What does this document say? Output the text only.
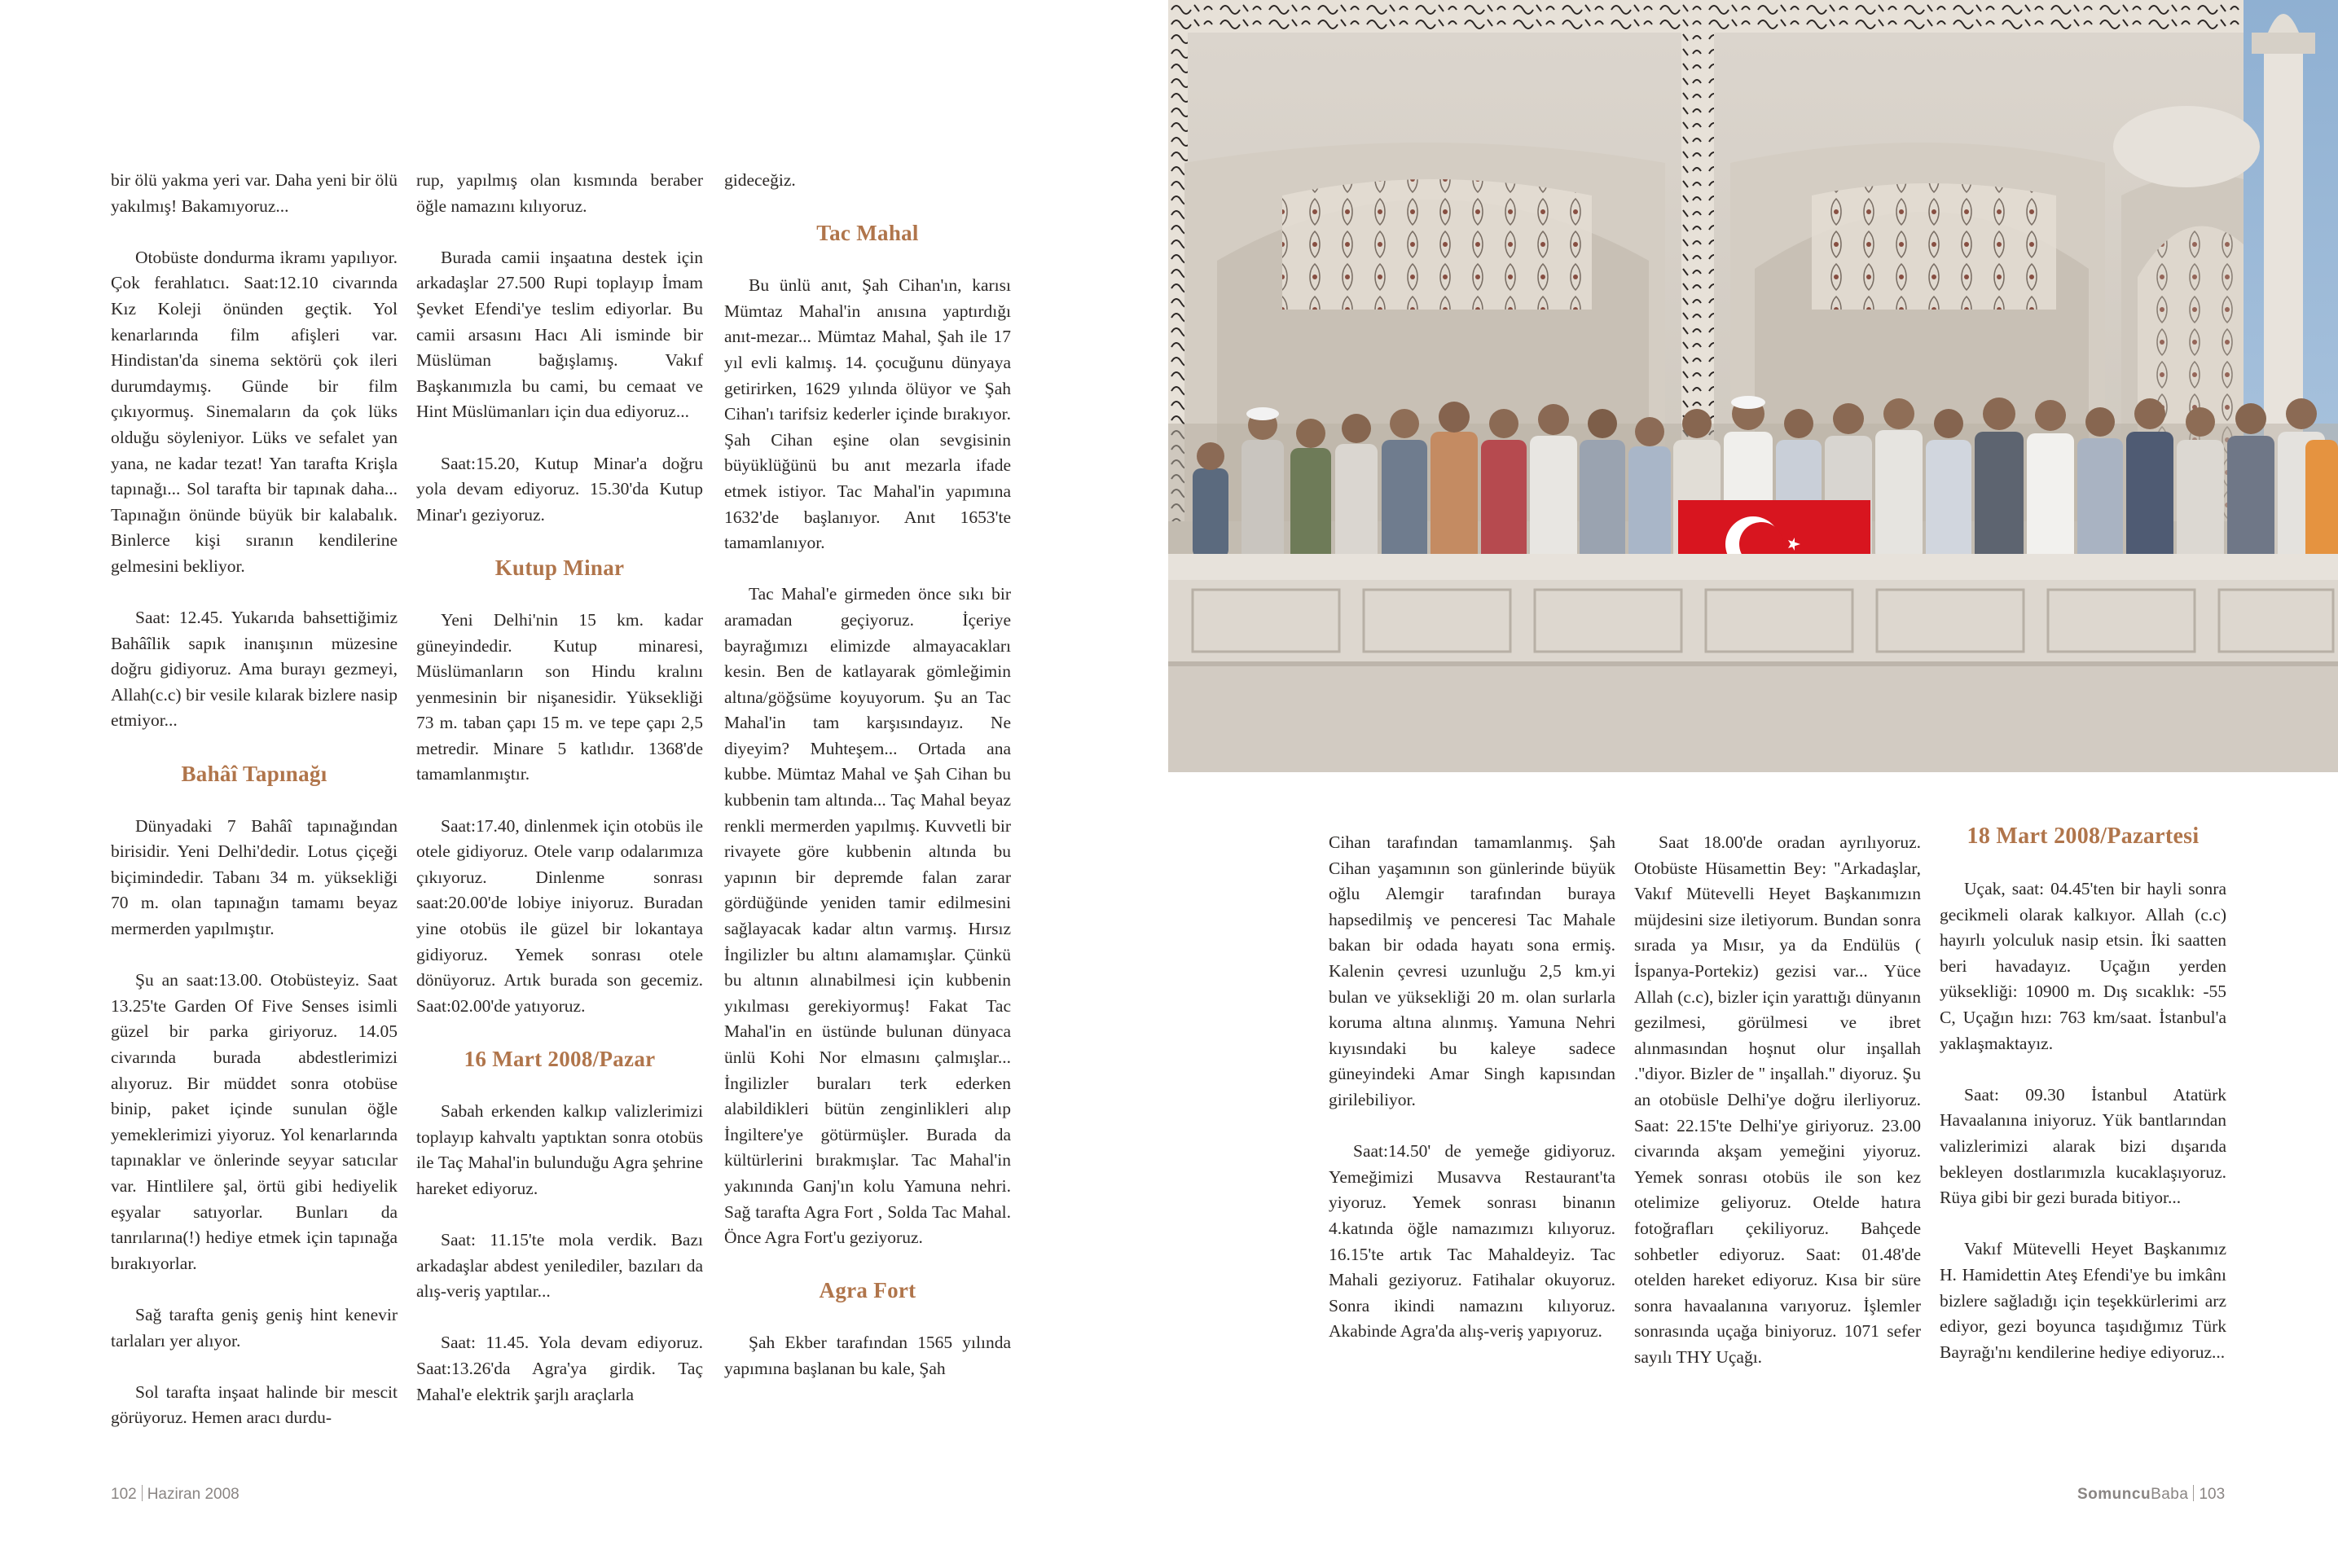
bir ölü yakma yeri var. Daha yeni bir ölü yakılmış! Bakamıyoruz...

Otobüste dondurma ikramı yapılıyor. Çok ferahlatıcı. Saat:12.10 civarında Kız Koleji önünden geçtik. Yol kenarlarında film afişleri var. Hindistan'da sinema sektörü çok ileri durumdaymış. Günde bir film çıkıyormuş. Sinemaların da çok lüks olduğu söyleniyor. Lüks ve sefalet yan yana, ne kadar tezat! Yan tarafta Krişla tapınağı... Sol tarafta bir tapınak daha... Tapınağın önünde büyük bir kalabalık. Binlerce kişi sıranın kendilerine gelmesini bekliyor.

Saat: 12.45. Yukarıda bahsettiğimiz Bahâîlik sapık inanışının müzesine doğru gidiyoruz. Ama burayı gezmeyi, Allah(c.c) bir vesile kılarak bizlere nasip etmiyor...

Bahâî Tapınağı

Dünyadaki 7 Bahâî tapınağından birisidir. Yeni Delhi'dedir. Lotus çiçeği biçimindedir. Tabanı 34 m. yüksekliği 70 m. olan tapınağın tamamı beyaz mermerden yapılmıştır.

Şu an saat:13.00. Otobüsteyiz. Saat 13.25'te Garden Of Five Senses isimli güzel bir parka giriyoruz. 14.05 civarında burada abdestlerimizi alıyoruz. Bir müddet sonra otobüse binip, paket içinde sunulan öğle yemeklerimizi yiyoruz. Yol kenarlarında tapınaklar ve önlerinde seyyar satıcılar var. Hintlilere şal, örtü gibi hediyelik eşyalar satıyorlar. Bunları da tanrılarına(!) hediye etmek için tapınağa bırakıyorlar.

Sağ tarafta geniş geniş hint kenevir tarlaları yer alıyor.

Sol tarafta inşaat halinde bir mescit görüyoruz. Hemen aracı durdu-

rup, yapılmış olan kısmında beraber öğle namazını kılıyoruz.

Burada camii inşaatına destek için arkadaşlar 27.500 Rupi toplayıp İmam Şevket Efendi'ye teslim ediyorlar. Bu camii arsasını Hacı Ali isminde bir Müslüman bağışlamış. Vakıf Başkanımızla bu cami, bu cemaat ve Hint Müslümanları için dua ediyoruz...

Saat:15.20, Kutup Minar'a doğru yola devam ediyoruz. 15.30'da Kutup Minar'ı geziyoruz.

Kutup Minar

Yeni Delhi'nin 15 km. kadar güneyindedir. Kutup minaresi, Müslümanların son Hindu kralını yenmesinin bir nişanesidir. Yüksekliği 73 m. taban çapı 15 m. ve tepe çapı 2,5 metredir. Minare 5 katlıdır. 1368'de tamamlanmıştır.

Saat:17.40, dinlenmek için otobüs ile otele gidiyoruz. Otele varıp odalarımıza çıkıyoruz. Dinlenme sonrası saat:20.00'de lobiye iniyoruz. Buradan yine otobüs ile güzel bir lokantaya gidiyoruz. Yemek sonrası otele dönüyoruz. Artık burada son gecemiz. Saat:02.00'de yatıyoruz.

16 Mart 2008/Pazar

Sabah erkenden kalkıp valizlerimizi toplayıp kahvaltı yaptıktan sonra otobüs ile Taç Mahal'in bulunduğu Agra şehrine hareket ediyoruz.

Saat: 11.15'te mola verdik. Bazı arkadaşlar abdest yenilediler, bazıları da alış-veriş yaptılar...

Saat: 11.45. Yola devam ediyoruz. Saat:13.26'da Agra'ya girdik. Taç Mahal'e elektrik şarjlı araçlarla

gideceğiz.

Tac Mahal

Bu ünlü anıt, Şah Cihan'ın, karısı Mümtaz Mahal'in anısına yaptırdığı anıt-mezar... Mümtaz Mahal, Şah ile 17 yıl evli kalmış. 14. çocuğunu dünyaya getirirken, 1629 yılında ölüyor ve Şah Cihan'ı tarifsiz kederler içinde bırakıyor. Şah Cihan eşine olan sevgisinin büyüklüğünü bu anıt mezarla ifade etmek istiyor. Tac Mahal'in yapımına 1632'de başlanıyor. Anıt 1653'te tamamlanıyor.

Tac Mahal'e girmeden önce sıkı bir aramadan geçiyoruz. İçeriye bayrağımızı elimizde almayacakları kesin. Ben de katlayarak gömleğimin altına/göğsüme koyuyorum. Şu an Tac Mahal'in tam karşısındayız. Ne diyeyim? Muhteşem... Ortada ana kubbe. Mümtaz Mahal ve Şah Cihan bu kubbenin tam altında... Taç Mahal beyaz renkli mermerden yapılmış. Kuvvetli bir rivayete göre kubbenin altında bu yapının bir depremde falan zarar gördüğünde yeniden tamir edilmesini sağlayacak kadar altın varmış. Hırsız İngilizler bu altını alamamışlar. Çünkü bu altının alınabilmesi için kubbenin yıkılması gerekiyormuş! Fakat Tac Mahal'in en üstünde bulunan dünyaca ünlü Kohi Nor elmasını çalmışlar... İngilizler buraları terk ederken alabildikleri bütün zenginlikleri alıp İngiltere'ye götürmüşler. Burada da kültürlerini bırakmışlar. Tac Mahal'in yakınında Ganj'ın kolu Yamuna nehri. Sağ tarafta Agra Fort , Solda Tac Mahal. Önce Agra Fort'u geziyoruz.

Agra Fort

Şah Ekber tarafından 1565 yılında yapımına başlanan bu kale, Şah

102 Haziran 2008

Cihan tarafından tamamlanmış. Şah Cihan yaşamının son günlerinde büyük oğlu Alemgir tarafından buraya hapsedilmiş ve penceresi Tac Mahale bakan bir odada hayatı sona ermiş. Kalenin çevresi uzunluğu 2,5 km.yi bulan ve yüksekliği 20 m. olan surlarla koruma altına alınmış. Yamuna Nehri kıyısındaki bu kaleye sadece güneyindeki Amar Singh kapısından girilebiliyor.

Saat:14.50' de yemeğe gidiyoruz. Yemeğimizi Musavva Restaurant'ta yiyoruz. Yemek sonrası binanın 4.katında öğle namazımızı kılıyoruz. 16.15'te artık Tac Mahaldeyiz. Tac Mahali geziyoruz. Fatihalar okuyoruz. Sonra ikindi namazını kılıyoruz. Akabinde Agra'da alış-veriş yapıyoruz.

Saat 18.00'de oradan ayrılıyoruz. Otobüste Hüsamettin Bey: ''Arkadaşlar, Vakıf Mütevelli Heyet Başkanımızın müjdesini size iletiyorum. Bundan sonra sırada ya Mısır, ya da Endülüs ( İspanya-Portekiz) gezisi var... Yüce Allah (c.c), bizler için yarattığı dünyanın gezilmesi, görülmesi ve ibret alınmasından hoşnut olur inşallah .''diyor. Bizler de '' inşallah.'' diyoruz. Şu an otobüsle Delhi'ye doğru ilerliyoruz. Saat: 22.15'te Delhi'ye giriyoruz. 23.00 civarında akşam yemeğini yiyoruz. Yemek sonrası otobüs ile son kez otelimize geliyoruz. Otelde hatıra fotoğrafları çekiliyoruz. Bahçede sohbetler ediyoruz. Saat: 01.48'de otelden hareket ediyoruz. Kısa bir süre sonra havaalanına varıyoruz. İşlemler sonrasında uçağa biniyoruz. 1071 sefer sayılı THY Uçağı.

18 Mart 2008/Pazartesi

Uçak, saat: 04.45'ten bir hayli sonra gecikmeli olarak kalkıyor. Allah (c.c) hayırlı yolculuk nasip etsin. İki saatten beri havadayız. Uçağın yerden yüksekliği: 10900 m. Dış sıcaklık: -55 C, Uçağın hızı: 763 km/saat. İstanbul'a yaklaşmaktayız.

Saat: 09.30 İstanbul Atatürk Havaalanına iniyoruz. Yük bantlarından valizlerimizi alarak bizi dışarıda bekleyen dostlarımızla kucaklaşıyoruz. Rüya gibi bir gezi burada bitiyor...

Vakıf Mütevelli Heyet Başkanımız H. Hamidettin Ateş Efendi'ye bu imkânı bizlere sağladığı için teşekkürlerimi arz ediyor, gezi boyunca taşıdığımız Türk Bayrağı'nı kendilerine hediye ediyoruz...

SomuncuBaba 103
